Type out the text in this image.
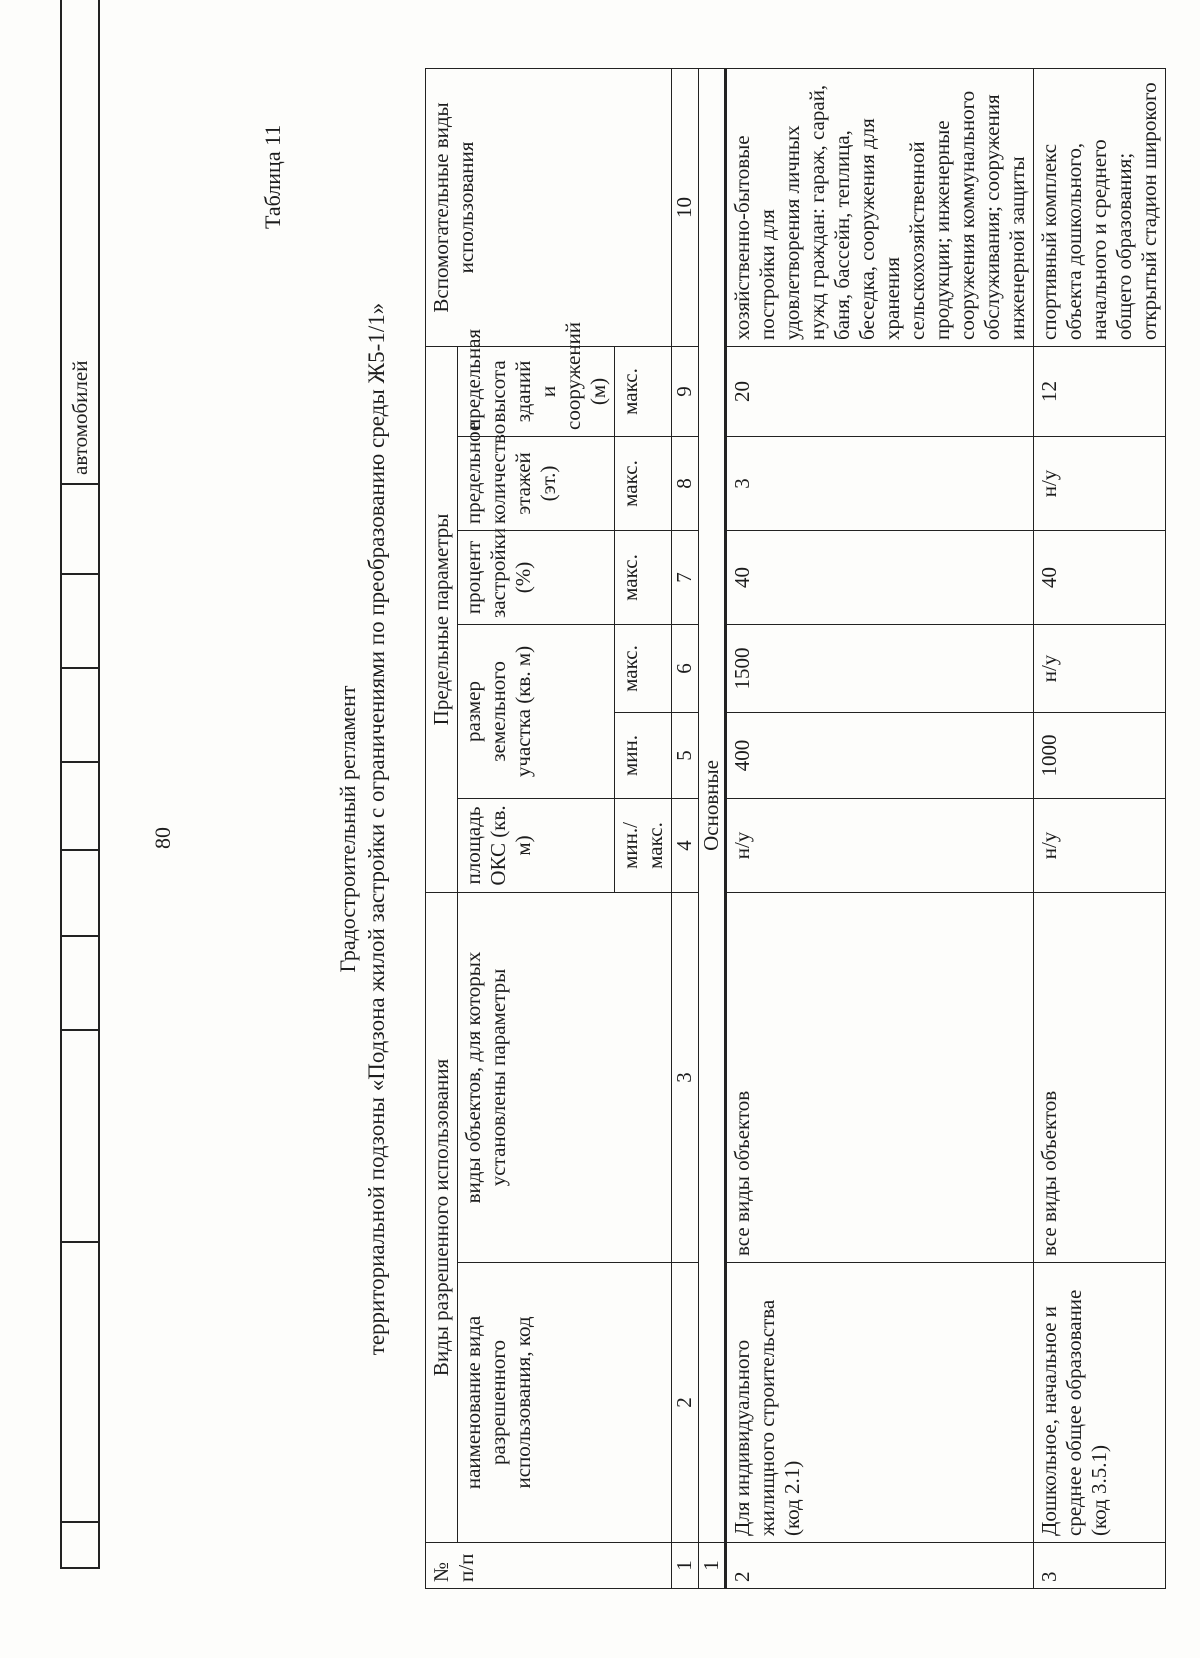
									автомобилей
80
Таблица 11
Градостроительный регламент территориальной подзоны «Подзона жилой застройки с ограничениями по преобразованию среды Ж5-1/1»
№ п/п	Виды разрешенного использования		Предельные параметры						Вспомогательные виды использования
	наименование вида разрешенного использования, код	виды объектов, для которых установлены параметры	площадь ОКС (кв. м)	размер земельного участка (кв. м)		процент застройки (%)	предельное количество этажей (эт.)	предельная высота зданий и сооружений (м)	
			мин./ макс.	мин.	макс.	макс.	макс.	макс.	
1	2	3	4	5	6	7	8	9	10
1	Основные								
2	Для индивидуального жилищного строительства (код 2.1)	все виды объектов	н/у	400	1500	40	3	20	хозяйственно-бытовые постройки для удовлетворения личных нужд граждан: гараж, сарай, баня, бассейн, теплица, беседка, сооружения для хранения сельскохозяйственной продукции; инженерные сооружения коммунального обслуживания; сооружения инженерной защиты
3	Дошкольное, начальное и среднее общее образование (код 3.5.1)	все виды объектов	н/у	1000	н/у	40	н/у	12	спортивный комплекс объекта дошкольного, начального и среднего общего образования; открытый стадион широкого
